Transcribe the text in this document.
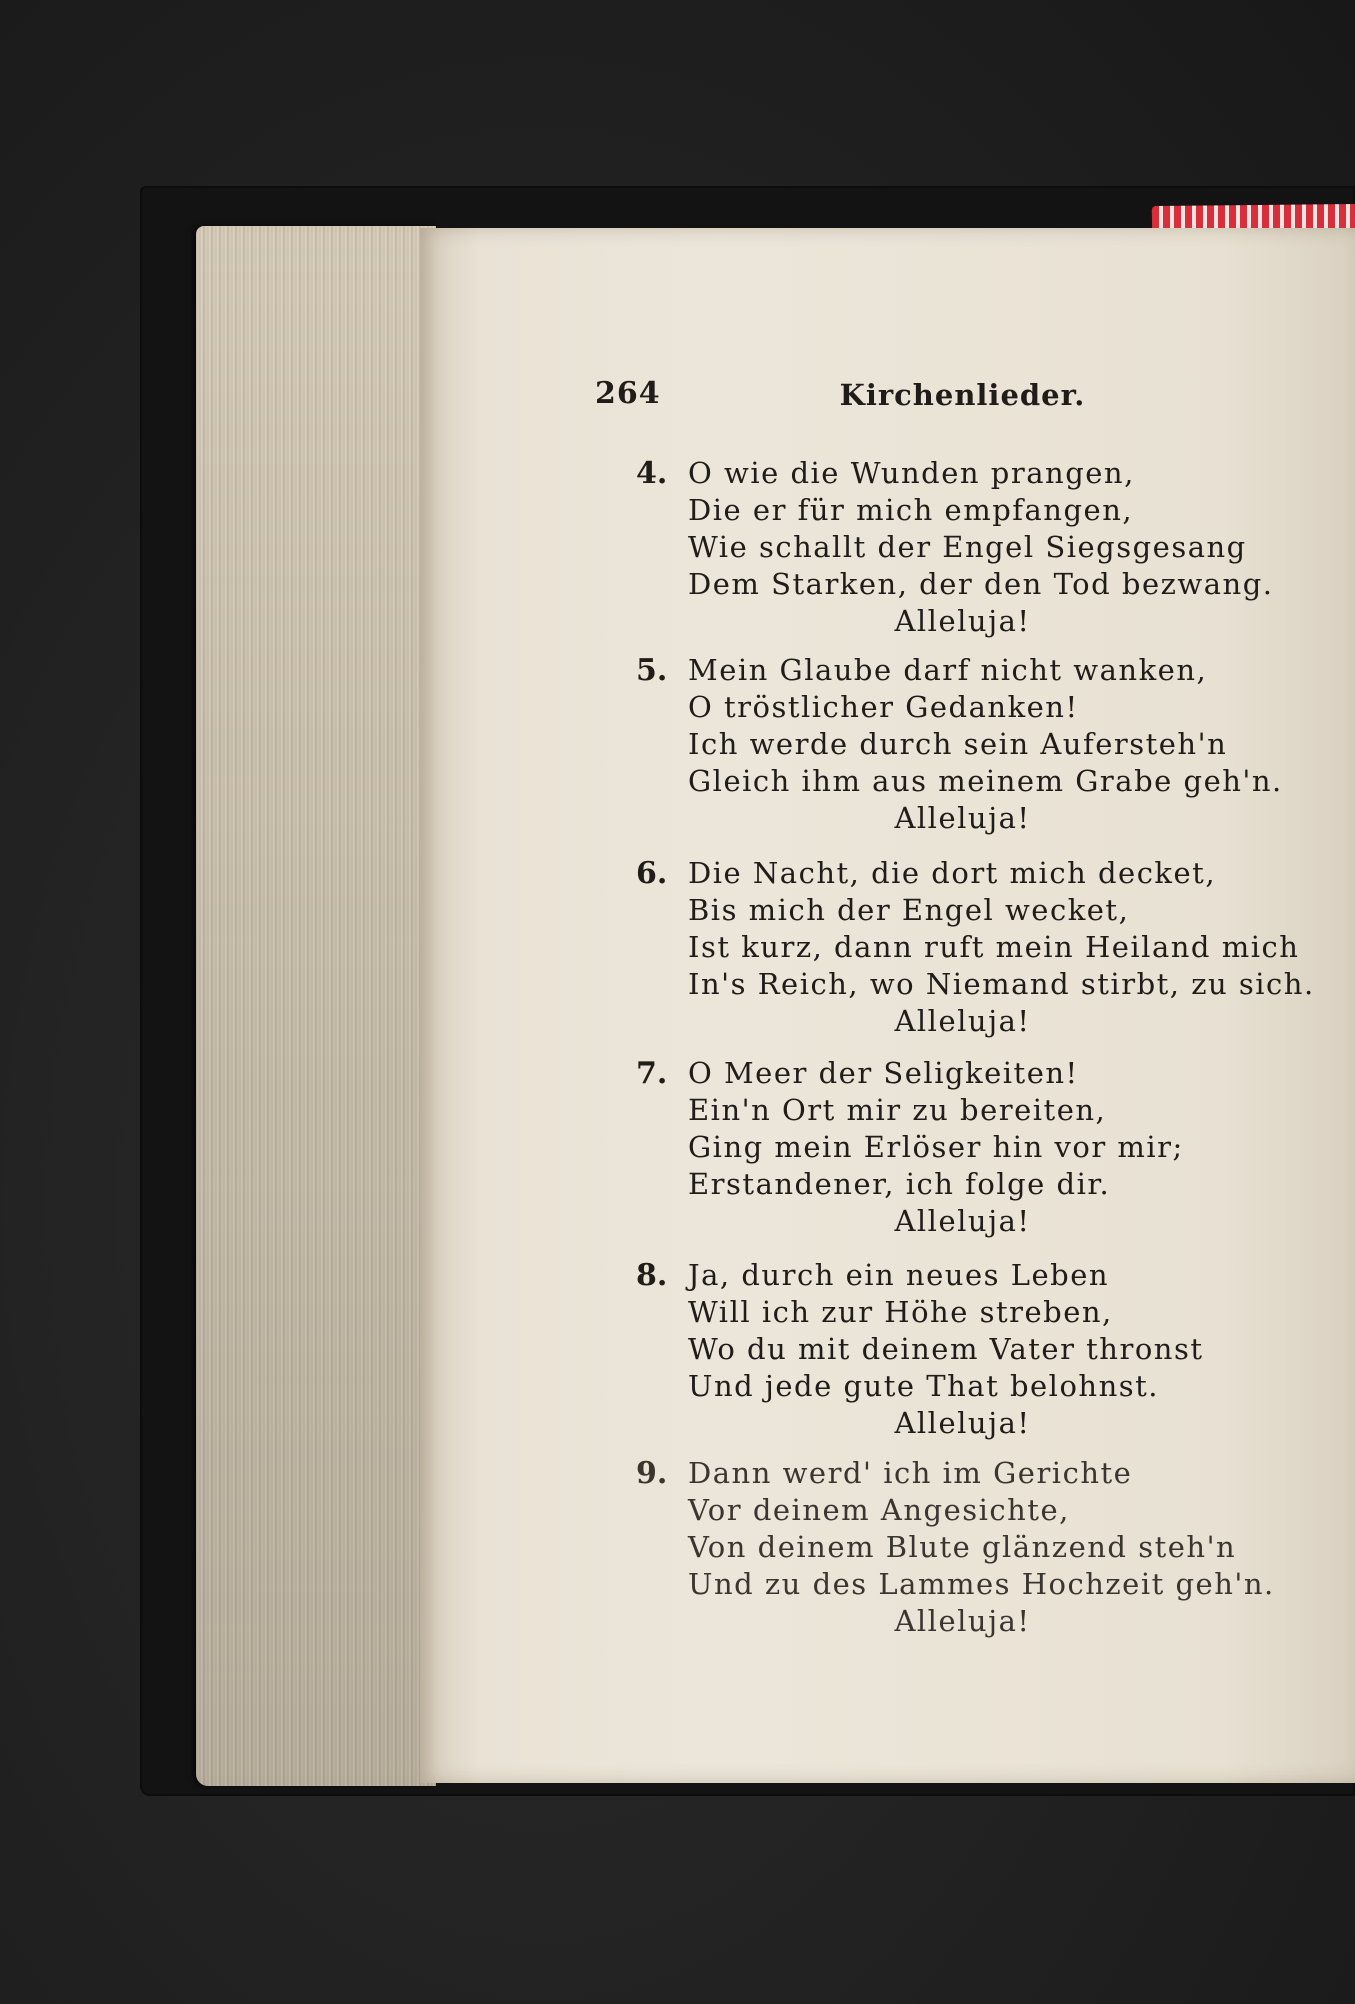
264	Kirchenlieder.
4. O wie die Wunden prangen,
Die er für mich empfangen,
Wie schallt der Engel Siegsgesang
Dem Starken, der den Tod bezwang.
Alleluja!
5. Mein Glaube darf nicht wanken,
O tröstlicher Gedanken!
Ich werde durch sein Aufersteh'n
Gleich ihm aus meinem Grabe geh'n.
Alleluja!
6. Die Nacht, die dort mich decket,
Bis mich der Engel wecket,
Ist kurz, dann ruft mein Heiland mich
In's Reich, wo Niemand stirbt, zu sich.
Alleluja!
7. O Meer der Seligkeiten!
Ein'n Ort mir zu bereiten,
Ging mein Erlöser hin vor mir;
Erstandener, ich folge dir.
Alleluja!
8. Ja, durch ein neues Leben
Will ich zur Höhe streben,
Wo du mit deinem Vater thronst
Und jede gute That belohnst.
Alleluja!
9. Dann werd' ich im Gerichte
Vor deinem Angesichte,
Von deinem Blute glänzend steh'n
Und zu des Lammes Hochzeit geh'n.
Alleluja!
